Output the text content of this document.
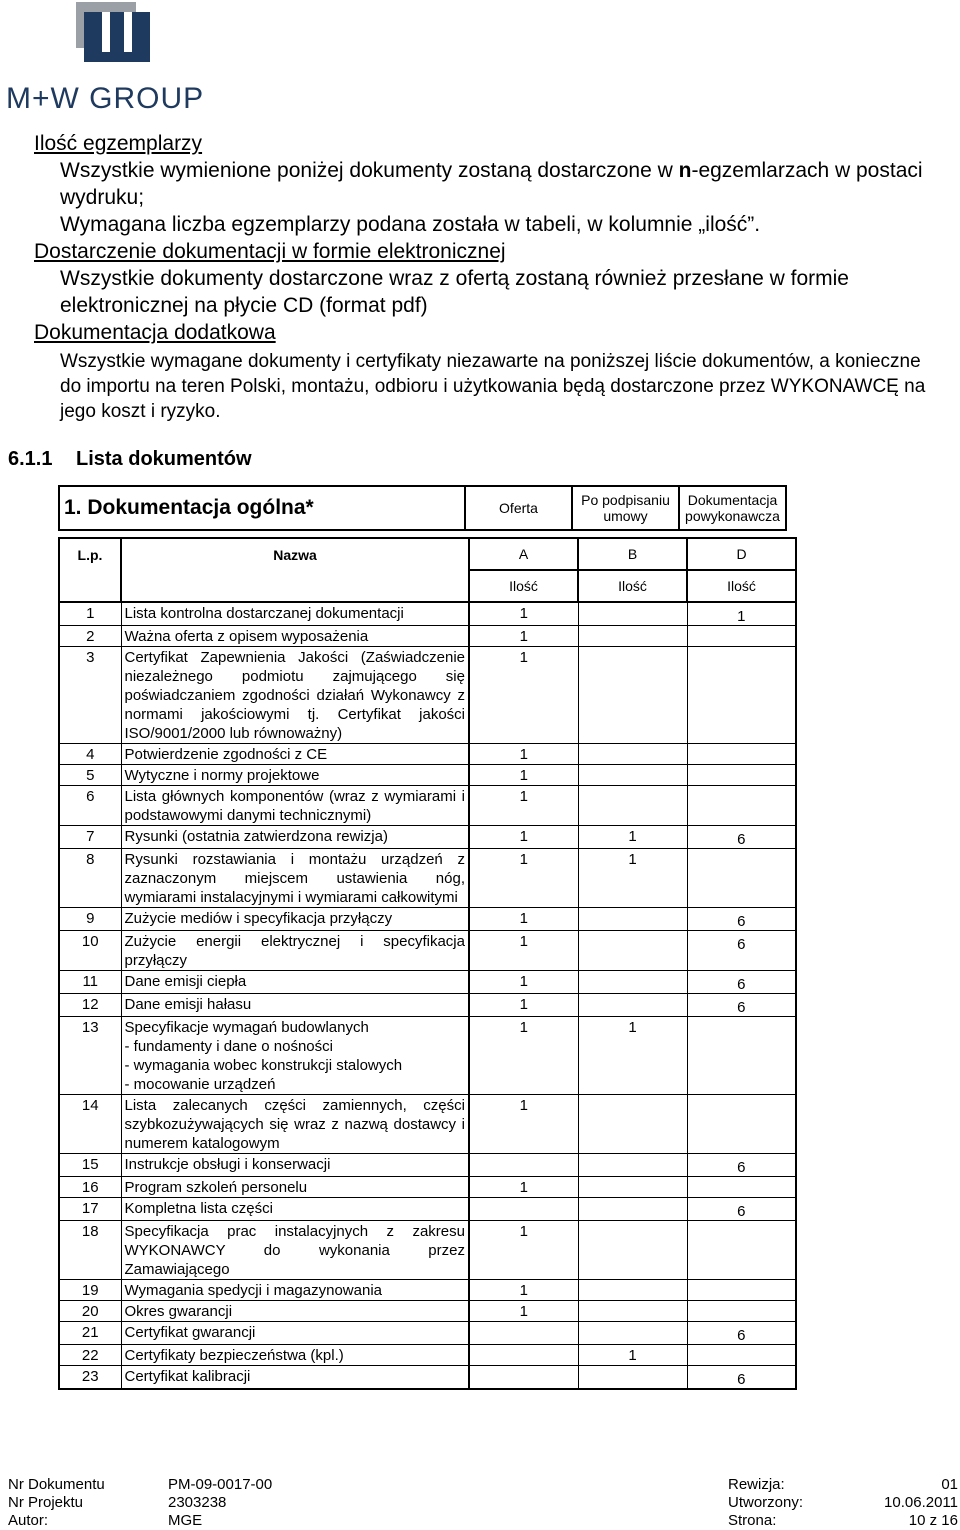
M+W GROUP

Ilość egzemplarzy

Wszystkie wymienione poniżej dokumenty zostaną dostarczone w n-egzemlarzach w postaci wydruku;

Wymagana liczba egzemplarzy podana została w tabeli, w kolumnie „ilość”.

Dostarczenie dokumentacji w formie elektronicznej

Wszystkie dokumenty dostarczone wraz z ofertą zostaną również przesłane w formie elektronicznej na płycie CD (format pdf)

Dokumentacja dodatkowa

Wszystkie wymagane dokumenty i certyfikaty niezawarte na poniższej liście dokumentów, a konieczne do importu na teren Polski, montażu, odbioru i użytkowania będą dostarczone przez WYKONAWCĘ na jego koszt i ryzyko.

6.1.1 Lista dokumentów
1. Dokumentacja ogólna*	Oferta	Po podpisaniu umowy	Dokumentacja powykonawcza
L.p.	Nazwa	A	B	D
		Ilość	Ilość	Ilość
1	Lista kontrolna dostarczanej dokumentacji	1		1
2	Ważna oferta z opisem wyposażenia	1		
3	Certyfikat Zapewnienia Jakości (Zaświadczenie niezależnego podmiotu zajmującego się poświadczaniem zgodności działań Wykonawcy z normami jakościowymi tj. Certyfikat jakości ISO/9001/2000 lub równoważny)	1		
4	Potwierdzenie zgodności z CE	1		
5	Wytyczne i normy projektowe	1		
6	Lista głównych komponentów (wraz z wymiarami i podstawowymi danymi technicznymi)	1		
7	Rysunki (ostatnia zatwierdzona rewizja)	1	1	6
8	Rysunki rozstawiania i montażu urządzeń z zaznaczonym miejscem ustawienia nóg, wymiarami instalacyjnymi i wymiarami całkowitymi	1	1	
9	Zużycie mediów i specyfikacja przyłączy	1		6
10	Zużycie energii elektrycznej i specyfikacja przyłączy	1		6
11	Dane emisji ciepła	1		6
12	Dane emisji hałasu	1		6
13	Specyfikacje wymagań budowlanych
- fundamenty i dane o nośności
- wymagania wobec konstrukcji stalowych
- mocowanie urządzeń	1	1	
14	Lista zalecanych części zamiennych, części szybkozużywających się wraz z nazwą dostawcy i numerem katalogowym	1		
15	Instrukcje obsługi i konserwacji			6
16	Program szkoleń personelu	1		
17	Kompletna lista części			6
18	Specyfikacja prac instalacyjnych z zakresu WYKONAWCY do wykonania przez Zamawiającego	1		
19	Wymagania spedycji i magazynowania	1		
20	Okres gwarancji	1		
21	Certyfikat gwarancji			6
22	Certyfikaty bezpieczeństwa (kpl.)		1	
23	Certyfikat kalibracji			6
Nr Dokumentu	PM-09-0017-00	Rewizja:	01
Nr Projektu	2303238	Utworzony:	10.06.2011
Autor:	MGE	Strona:	10 z 16
